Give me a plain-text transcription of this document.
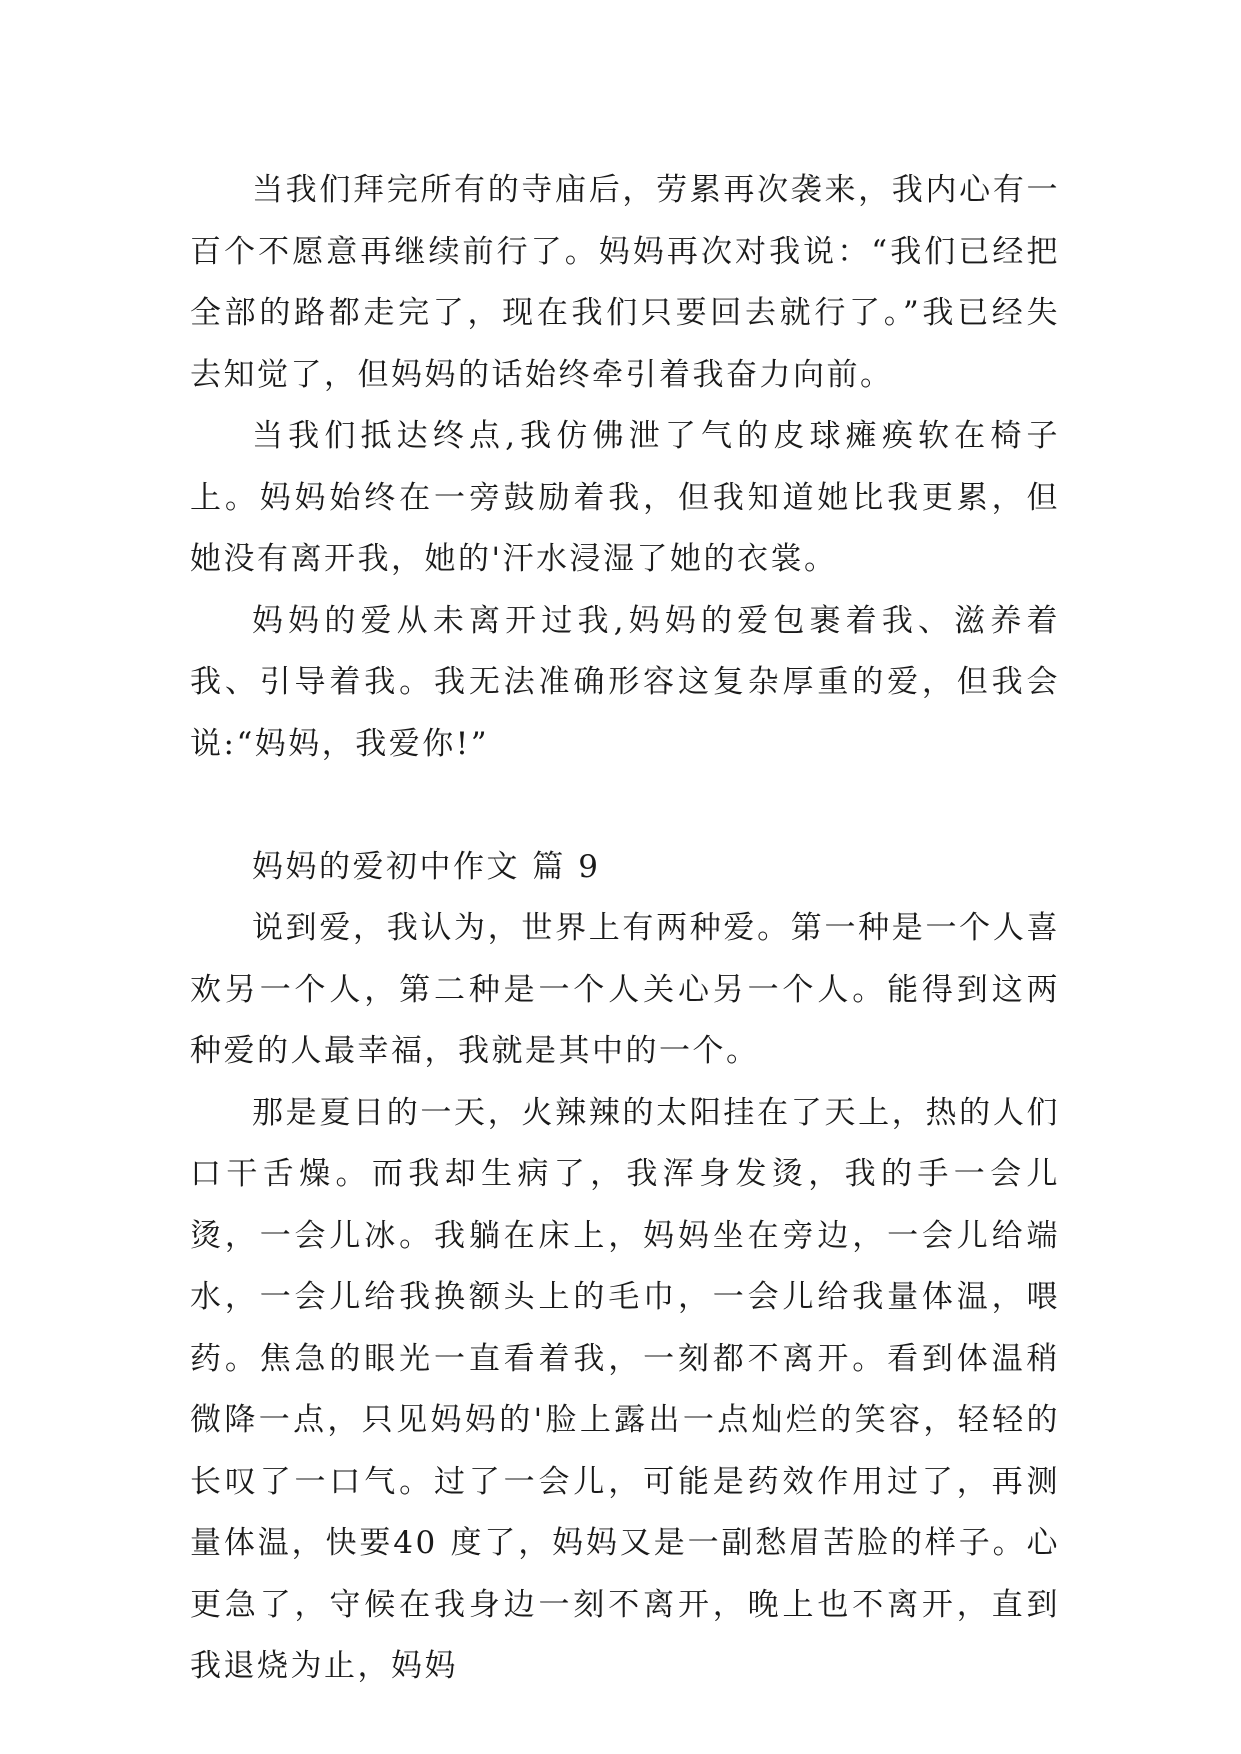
当我们拜完所有的寺庙后，劳累再次袭来，我内心有一百个不愿意再继续前行了。妈妈再次对我说：“我们已经把全部的路都走完了，现在我们只要回去就行了。”我已经失去知觉了，但妈妈的话始终牵引着我奋力向前。

当我们抵达终点,我仿佛泄了气的皮球瘫痪软在椅子上。妈妈始终在一旁鼓励着我，但我知道她比我更累，但她没有离开我，她的'汗水浸湿了她的衣裳。

妈妈的爱从未离开过我,妈妈的爱包裹着我、滋养着我、引导着我。我无法准确形容这复杂厚重的爱，但我会说:“妈妈，我爱你!”

妈妈的爱初中作文 篇 9

说到爱，我认为，世界上有两种爱。第一种是一个人喜欢另一个人，第二种是一个人关心另一个人。能得到这两种爱的人最幸福，我就是其中的一个。

那是夏日的一天，火辣辣的太阳挂在了天上，热的人们口干舌燥。而我却生病了，我浑身发烫，我的手一会儿烫，一会儿冰。我躺在床上，妈妈坐在旁边，一会儿给端水，一会儿给我换额头上的毛巾，一会儿给我量体温，喂药。焦急的眼光一直看着我，一刻都不离开。看到体温稍微降一点，只见妈妈的'脸上露出一点灿烂的笑容，轻轻的长叹了一口气。过了一会儿，可能是药效作用过了，再测量体温，快要40 度了，妈妈又是一副愁眉苦脸的样子。心更急了，守候在我身边一刻不离开，晚上也不离开，直到我退烧为止，妈妈
